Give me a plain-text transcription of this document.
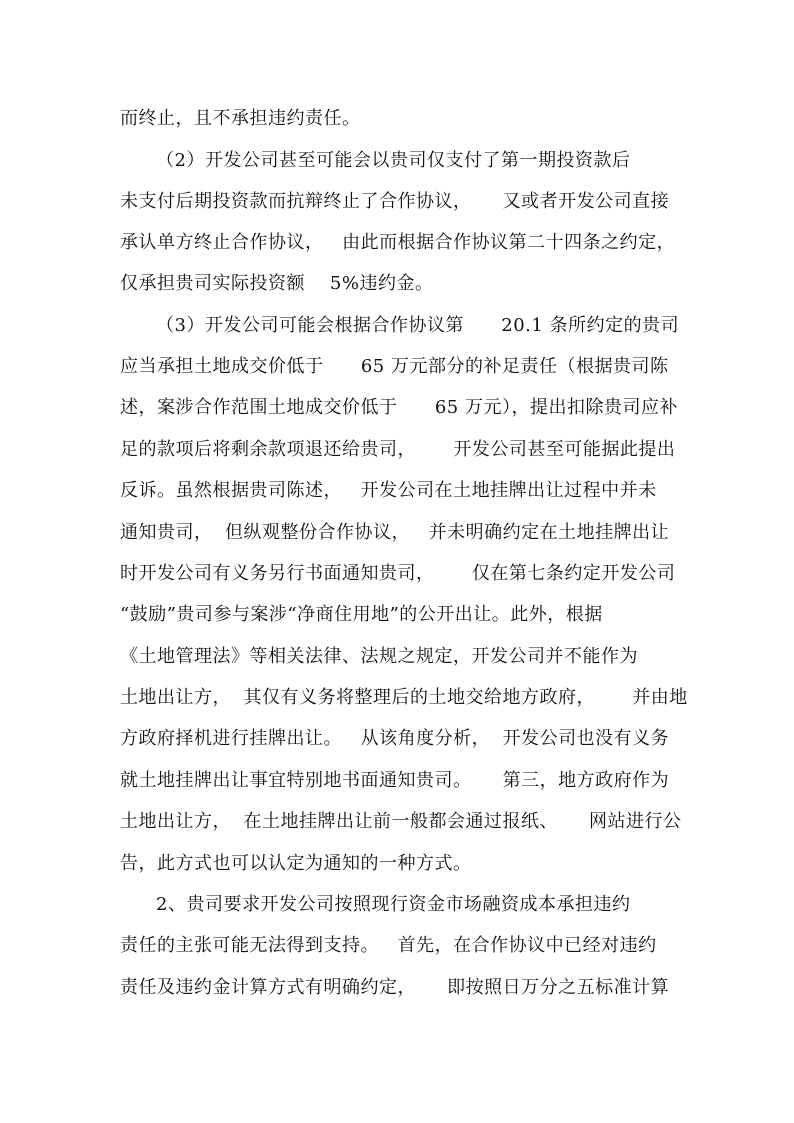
而终止，且不承担违约责任。
（2）开发公司甚至可能会以贵司仅支付了第一期投资款后
未支付后期投资款而抗辩终止了合作协议，     又或者开发公司直接
承认单方终止合作协议，   由此而根据合作协议第二十四条之约定，
仅承担贵司实际投资额    5%违约金。
（3）开发公司可能会根据合作协议第      20.1 条所约定的贵司
应当承担土地成交价低于      65 万元部分的补足责任（根据贵司陈
述，案涉合作范围土地成交价低于      65 万元），提出扣除贵司应补
足的款项后将剩余款项退还给贵司，      开发公司甚至可能据此提出
反诉。虽然根据贵司陈述，   开发公司在土地挂牌出让过程中并未
通知贵司，  但纵观整份合作协议，   并未明确约定在土地挂牌出让
时开发公司有义务另行书面通知贵司，      仅在第七条约定开发公司
“鼓励”贵司参与案涉“净商住用地”的公开出让。此外，根据
《土地管理法》等相关法律、法规之规定，开发公司并不能作为
土地出让方，  其仅有义务将整理后的土地交给地方政府，      并由地
方政府择机进行挂牌出让。   从该角度分析，  开发公司也没有义务
就土地挂牌出让事宜特别地书面通知贵司。     第三，地方政府作为
土地出让方，  在土地挂牌出让前一般都会通过报纸、     网站进行公
告，此方式也可以认定为通知的一种方式。
2、贵司要求开发公司按照现行资金市场融资成本承担违约
责任的主张可能无法得到支持。   首先，在合作协议中已经对违约
责任及违约金计算方式有明确约定，     即按照日万分之五标准计算
